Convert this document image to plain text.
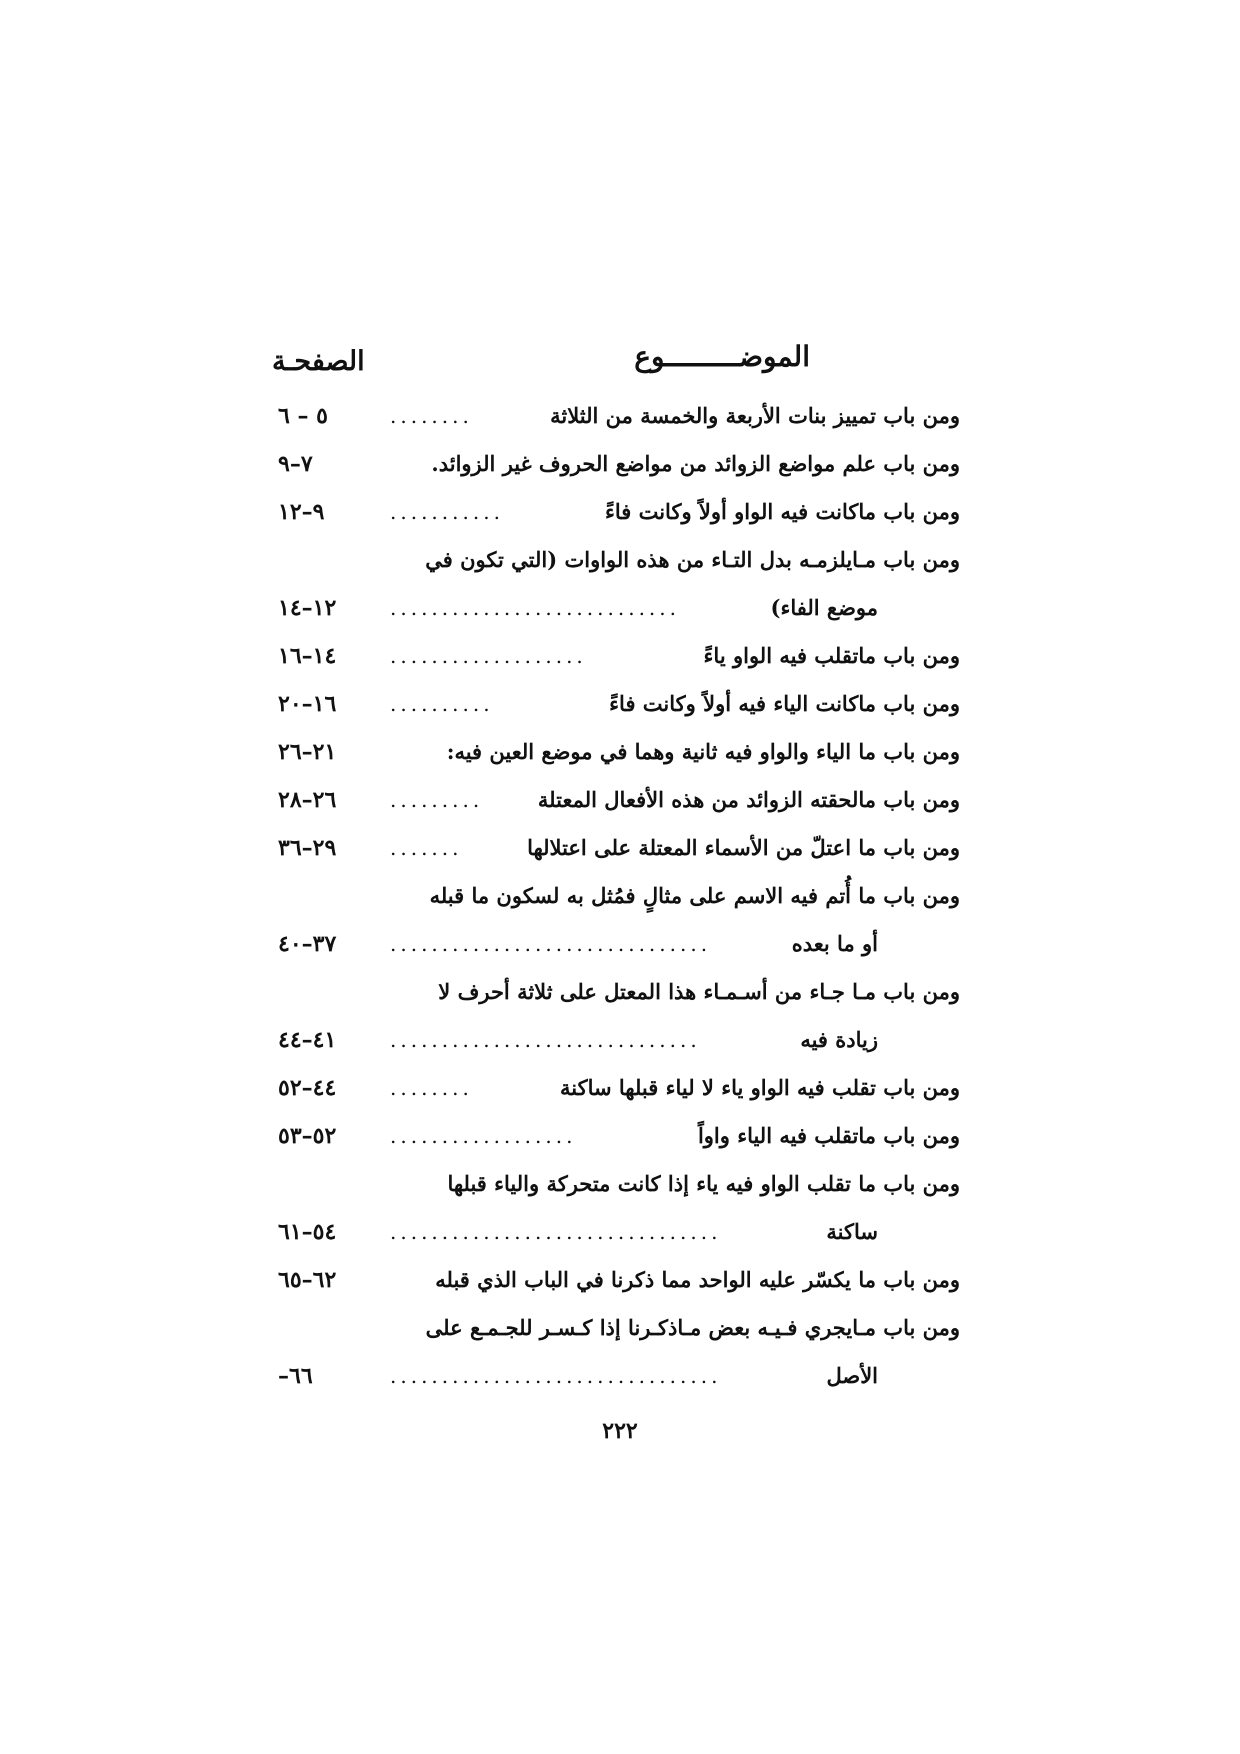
الموضـــــــــوع
الصفحـة
ومن باب تمييز بنات الأربعة والخمسة من الثلاثة
........
٥ – ٦
ومن باب علم مواضع الزوائد من مواضع الحروف غير الزوائد.
٧–٩
ومن باب ماكانت فيه الواو أولاً وكانت فاءً
...........
٩–١٢
ومن باب مـايلزمـه بدل التـاء من هذه الواوات (التي تكون في
موضع الفاء)
............................
١٢–١٤
ومن باب ماتقلب فيه الواو ياءً
...................
١٤–١٦
ومن باب ماكانت الياء فيه أولاً وكانت فاءً
..........
١٦–٢٠
ومن باب ما الياء والواو فيه ثانية وهما في موضع العين فيه:
٢١–٢٦
ومن باب مالحقته الزوائد من هذه الأفعال المعتلة
.........
٢٦–٢٨
ومن باب ما اعتلّ من الأسماء المعتلة على اعتلالها
.......
٢٩–٣٦
ومن باب ما أُتم فيه الاسم على مثالٍ فمُثل به لسكون ما قبله
أو ما بعده
...............................
٣٧–٤٠
ومن باب مـا جـاء من أسـمـاء هذا المعتل على ثلاثة أحرف لا
زيادة فيه
..............................
٤١–٤٤
ومن باب تقلب فيه الواو ياء لا لياء قبلها ساكنة
........
٤٤–٥٢
ومن باب ماتقلب فيه الياء واواً
..................
٥٢–٥٣
ومن باب ما تقلب الواو فيه ياء إذا كانت متحركة والياء قبلها
ساكنة
................................
٥٤–٦١
ومن باب ما يكسّر عليه الواحد مما ذكرنا في الباب الذي قبله
٦٢–٦٥
ومن باب مـايجري فـيـه بعض مـاذكـرنا إذا كـسـر للجـمـع على
الأصل
................................
–٦٦
٢٢٢
